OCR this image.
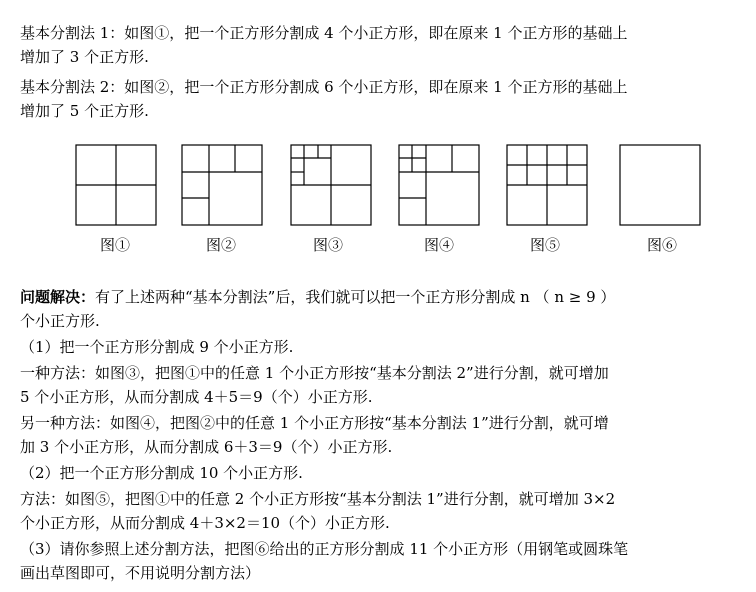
基本分割法 1：如图①，把一个正方形分割成 4 个小正方形，即在原来 1 个正方形的基础上
增加了 3 个正方形.
基本分割法 2：如图②，把一个正方形分割成 6 个小正方形，即在原来 1 个正方形的基础上
增加了 5 个正方形.
图①	图②	图③	图④	图⑤	图⑥
问题解决：有了上述两种“基本分割法”后，我们就可以把一个正方形分割成 n （ n ≥ 9 ）
个小正方形.
（1）把一个正方形分割成 9 个小正方形.
一种方法：如图③，把图①中的任意 1 个小正方形按“基本分割法 2”进行分割，就可增加
5 个小正方形，从而分割成 4＋5＝9（个）小正方形.
另一种方法：如图④，把图②中的任意 1 个小正方形按“基本分割法 1”进行分割，就可增
加 3 个小正方形，从而分割成 6＋3＝9（个）小正方形.
（2）把一个正方形分割成 10 个小正方形.
方法：如图⑤，把图①中的任意 2 个小正方形按“基本分割法 1”进行分割，就可增加 3×2
个小正方形，从而分割成 4＋3×2＝10（个）小正方形.
（3）请你参照上述分割方法，把图⑥给出的正方形分割成 11 个小正方形（用钢笔或圆珠笔
画出草图即可，不用说明分割方法）
